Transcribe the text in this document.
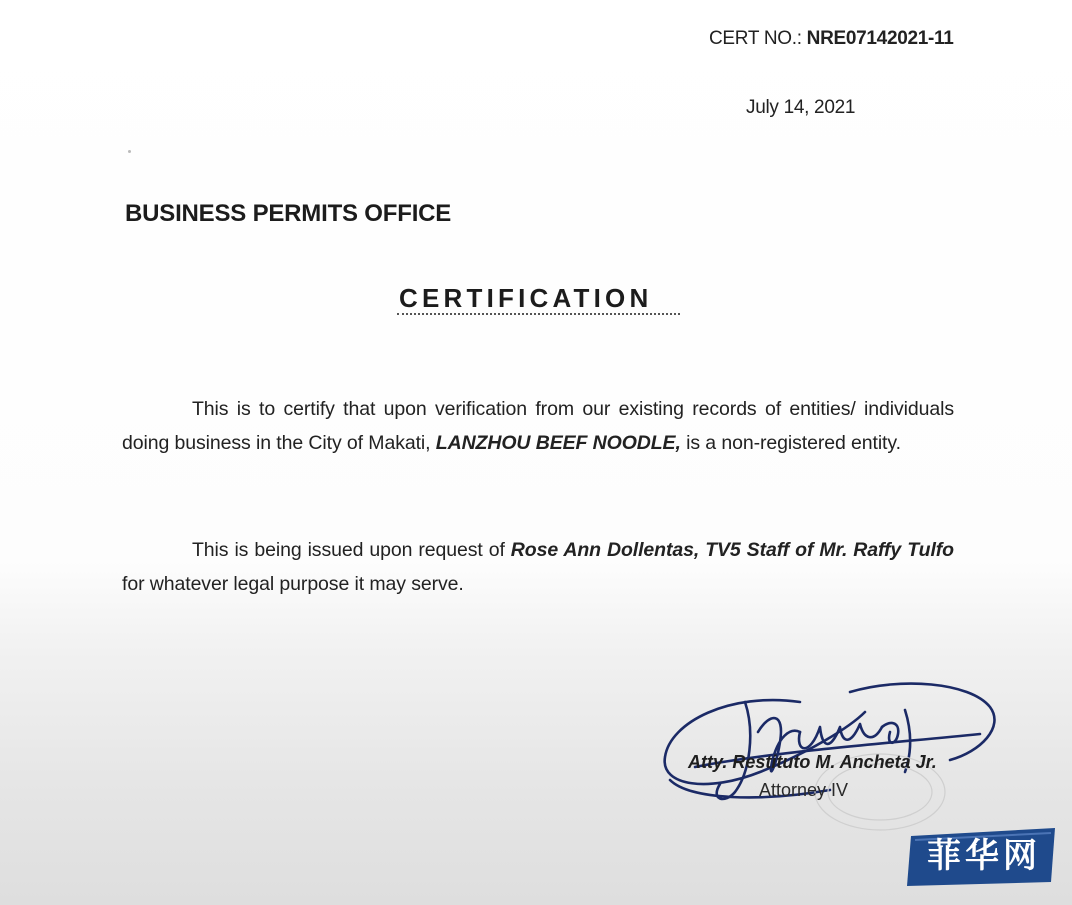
CERT NO.: NRE07142021-11
July 14, 2021
BUSINESS PERMITS OFFICE
CERTIFICATION
This is to certify that upon verification from our existing records of entities/ individuals doing business in the City of Makati, LANZHOU BEEF NOODLE, is a non-registered entity.
This is being issued upon request of Rose Ann Dollentas, TV5 Staff of Mr. Raffy Tulfo for whatever legal purpose it may serve.
Atty. Restituto M. Ancheta Jr.
Attorney IV
菲华网
